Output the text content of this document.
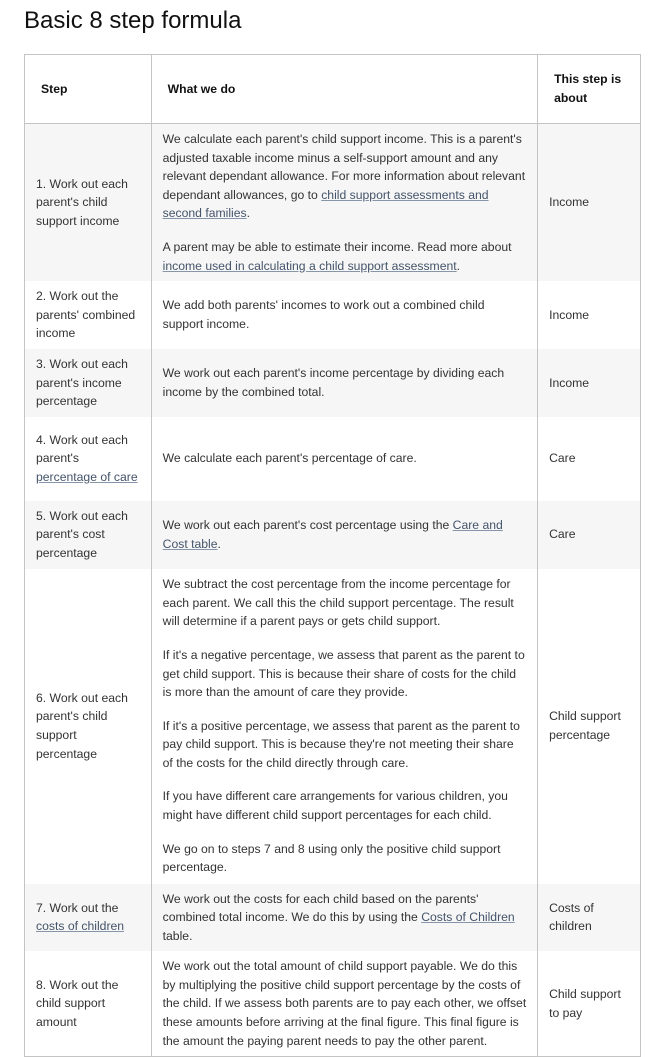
Basic 8 step formula
Step	What we do	This step is about
1. Work out each parent's child support income	We calculate each parent's child support income. This is a parent's adjusted taxable income minus a self-support amount and any relevant dependant allowance. For more information about relevant dependant allowances, go to child support assessments and second families.

A parent may be able to estimate their income. Read more about income used in calculating a child support assessment.	Income
2. Work out the parents' combined income	We add both parents' incomes to work out a combined child support income.	Income
3. Work out each parent's income percentage	We work out each parent's income percentage by dividing each income by the combined total.	Income
4. Work out each parent's percentage of care	We calculate each parent's percentage of care.	Care
5. Work out each parent's cost percentage	We work out each parent's cost percentage using the Care and Cost table.	Care
6. Work out each parent's child support percentage	We subtract the cost percentage from the income percentage for each parent. We call this the child support percentage. The result will determine if a parent pays or gets child support.

If it's a negative percentage, we assess that parent as the parent to get child support. This is because their share of costs for the child is more than the amount of care they provide.

If it's a positive percentage, we assess that parent as the parent to pay child support. This is because they're not meeting their share of the costs for the child directly through care.

If you have different care arrangements for various children, you might have different child support percentages for each child.

We go on to steps 7 and 8 using only the positive child support percentage.	Child support percentage
7. Work out the costs of children	We work out the costs for each child based on the parents' combined total income. We do this by using the Costs of Children table.	Costs of children
8. Work out the child support amount	We work out the total amount of child support payable. We do this by multiplying the positive child support percentage by the costs of the child. If we assess both parents are to pay each other, we offset these amounts before arriving at the final figure. This final figure is the amount the paying parent needs to pay the other parent.	Child support to pay
